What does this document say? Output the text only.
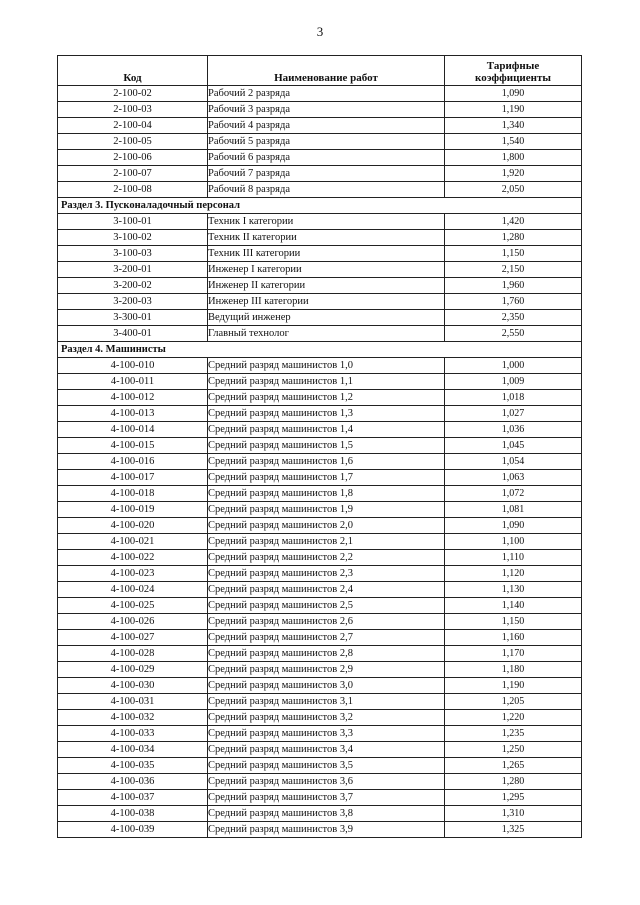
3
Код	Наименование работ	Тарифные
коэффициенты
2-100-02	Рабочий 2 разряда	1,090
2-100-03	Рабочий 3 разряда	1,190
2-100-04	Рабочий 4 разряда	1,340
2-100-05	Рабочий 5 разряда	1,540
2-100-06	Рабочий 6 разряда	1,800
2-100-07	Рабочий 7 разряда	1,920
2-100-08	Рабочий 8 разряда	2,050
Раздел 3. Пусконаладочный персонал		
3-100-01	Техник I категории	1,420
3-100-02	Техник II категории	1,280
3-100-03	Техник III категории	1,150
3-200-01	Инженер I категории	2,150
3-200-02	Инженер II категории	1,960
3-200-03	Инженер III категории	1,760
3-300-01	Ведущий инженер	2,350
3-400-01	Главный технолог	2,550
Раздел 4. Машинисты		
4-100-010	Средний разряд машинистов 1,0	1,000
4-100-011	Средний разряд машинистов 1,1	1,009
4-100-012	Средний разряд машинистов 1,2	1,018
4-100-013	Средний разряд машинистов 1,3	1,027
4-100-014	Средний разряд машинистов 1,4	1,036
4-100-015	Средний разряд машинистов 1,5	1,045
4-100-016	Средний разряд машинистов 1,6	1,054
4-100-017	Средний разряд машинистов 1,7	1,063
4-100-018	Средний разряд машинистов 1,8	1,072
4-100-019	Средний разряд машинистов 1,9	1,081
4-100-020	Средний разряд машинистов 2,0	1,090
4-100-021	Средний разряд машинистов 2,1	1,100
4-100-022	Средний разряд машинистов 2,2	1,110
4-100-023	Средний разряд машинистов 2,3	1,120
4-100-024	Средний разряд машинистов 2,4	1,130
4-100-025	Средний разряд машинистов 2,5	1,140
4-100-026	Средний разряд машинистов 2,6	1,150
4-100-027	Средний разряд машинистов 2,7	1,160
4-100-028	Средний разряд машинистов 2,8	1,170
4-100-029	Средний разряд машинистов 2,9	1,180
4-100-030	Средний разряд машинистов 3,0	1,190
4-100-031	Средний разряд машинистов 3,1	1,205
4-100-032	Средний разряд машинистов 3,2	1,220
4-100-033	Средний разряд машинистов 3,3	1,235
4-100-034	Средний разряд машинистов 3,4	1,250
4-100-035	Средний разряд машинистов 3,5	1,265
4-100-036	Средний разряд машинистов 3,6	1,280
4-100-037	Средний разряд машинистов 3,7	1,295
4-100-038	Средний разряд машинистов 3,8	1,310
4-100-039	Средний разряд машинистов 3,9	1,325
